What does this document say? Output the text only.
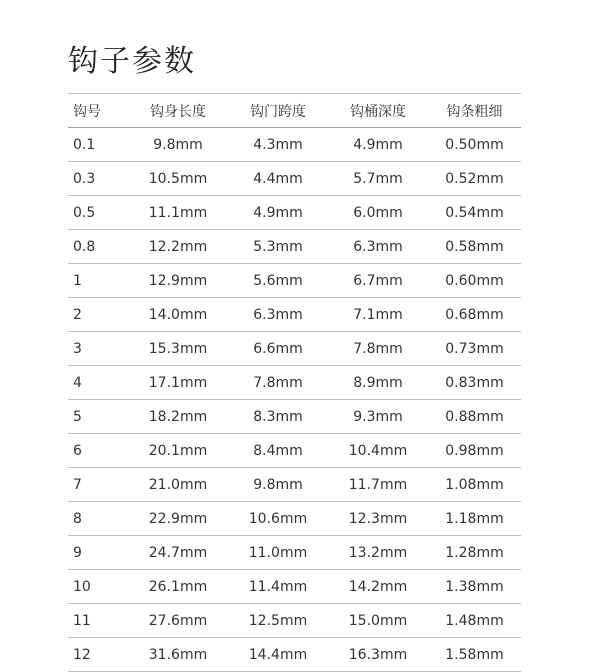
钩子参数
钩号	钩身长度	钩门跨度	钩桶深度	钩条粗细
0.1	9.8mm	4.3mm	4.9mm	0.50mm
0.3	10.5mm	4.4mm	5.7mm	0.52mm
0.5	11.1mm	4.9mm	6.0mm	0.54mm
0.8	12.2mm	5.3mm	6.3mm	0.58mm
1	12.9mm	5.6mm	6.7mm	0.60mm
2	14.0mm	6.3mm	7.1mm	0.68mm
3	15.3mm	6.6mm	7.8mm	0.73mm
4	17.1mm	7.8mm	8.9mm	0.83mm
5	18.2mm	8.3mm	9.3mm	0.88mm
6	20.1mm	8.4mm	10.4mm	0.98mm
7	21.0mm	9.8mm	11.7mm	1.08mm
8	22.9mm	10.6mm	12.3mm	1.18mm
9	24.7mm	11.0mm	13.2mm	1.28mm
10	26.1mm	11.4mm	14.2mm	1.38mm
11	27.6mm	12.5mm	15.0mm	1.48mm
12	31.6mm	14.4mm	16.3mm	1.58mm
